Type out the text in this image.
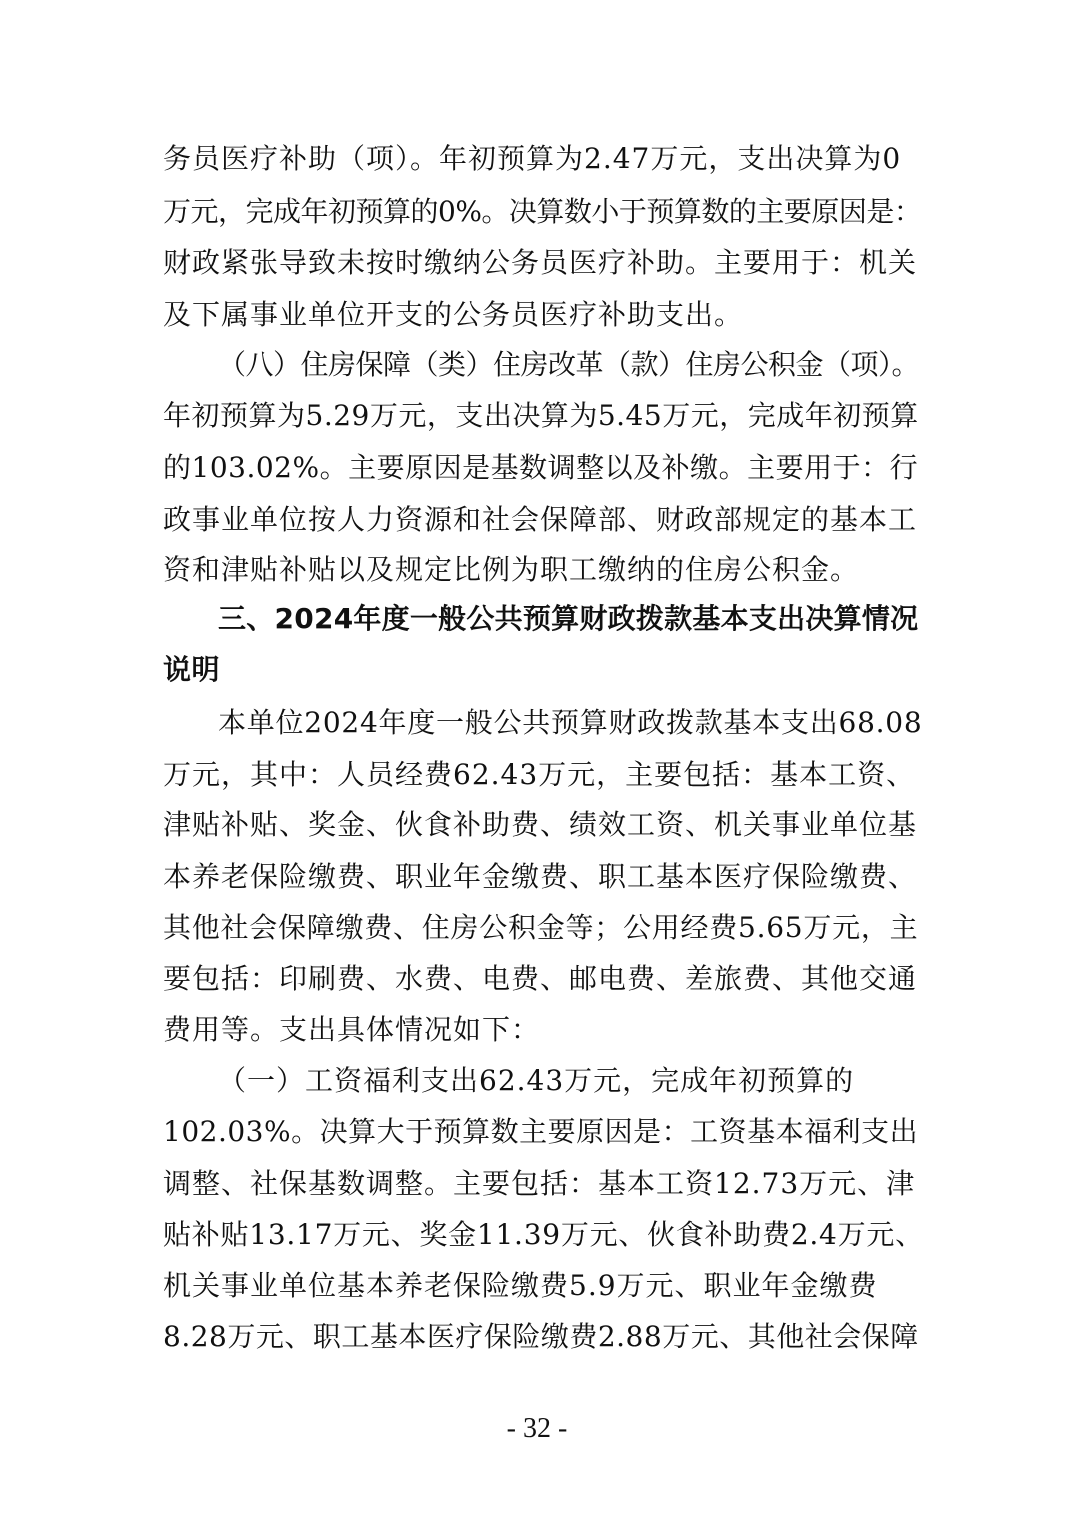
务员医疗补助（项）。年初预算为2.47万元，支出决算为0
万元，完成年初预算的0%。决算数小于预算数的主要原因是：
财政紧张导致未按时缴纳公务员医疗补助。主要用于：机关
及下属事业单位开支的公务员医疗补助支出。
（八）住房保障（类）住房改革（款）住房公积金（项）。
年初预算为5.29万元，支出决算为5.45万元，完成年初预算
的103.02%。主要原因是基数调整以及补缴。主要用于：行
政事业单位按人力资源和社会保障部、财政部规定的基本工
资和津贴补贴以及规定比例为职工缴纳的住房公积金。
三、2024年度一般公共预算财政拨款基本支出决算情况
说明
本单位2024年度一般公共预算财政拨款基本支出68.08
万元，其中：人员经费62.43万元，主要包括：基本工资、
津贴补贴、奖金、伙食补助费、绩效工资、机关事业单位基
本养老保险缴费、职业年金缴费、职工基本医疗保险缴费、
其他社会保障缴费、住房公积金等；公用经费5.65万元，主
要包括：印刷费、水费、电费、邮电费、差旅费、其他交通
费用等。支出具体情况如下：
（一）工资福利支出62.43万元，完成年初预算的
102.03%。决算大于预算数主要原因是：工资基本福利支出
调整、社保基数调整。主要包括：基本工资12.73万元、津
贴补贴13.17万元、奖金11.39万元、伙食补助费2.4万元、
机关事业单位基本养老保险缴费5.9万元、职业年金缴费
8.28万元、职工基本医疗保险缴费2.88万元、其他社会保障
- 32 -
